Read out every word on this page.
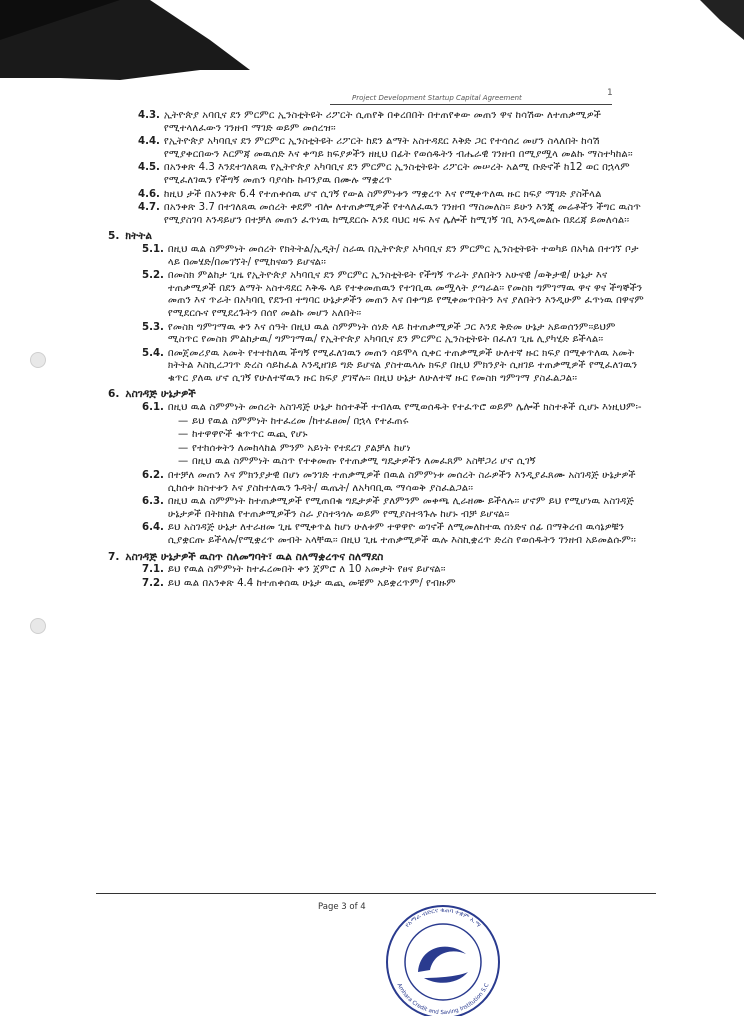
Project Development Startup Capital Agreement	1
4.3. ኢትዮጵያ አባቢና ደን ምርምር ኢንስቲትዩት ሪፖርት ሲጠየቅ በቀረበበት በተጠየቀው መጠን ዋና ከሳሽው ለተጠቃሚዎች የሚተላለፈውን ገንዘብ ማገድ ወይም መሰረዝ፡፡
4.4. የኢትዮጵያ አካባቢና ደን ምርምር ኢንስቲትዩት ሪፖርት ከደን ልማት አስተዳደር እቅድ ጋር የተሳሰረ መሆን ስላለበት ከሳሽ የሚያቀርበውን እርምጃ መዉሰድ እና ቀጣይ ክፍያዎችን ዘዚህ በፊት የወሰዱትን ብሔራዊ ገንዘብ በሚያሟላ መልኩ ማስተካከል፡፡
4.5. በአንቀጽ 4.3 እንደተገለጸዉ የኢትዮጵያ አካባቢና ደን ምርምር ኢንስቲትዩት ሪፖርት መሠረት አልሚ ቡድኖች ከ12 ወር በኋላም የሚፈለገዉን የችግኝ መጠን ባያሳኩ ኩባንያዉ በሙሉ ማቋረጥ
4.6. ከዚህ ታች በአንቀጽ 6.4 የተጠቀሰዉ ሆኖ ሲገኝ የውል ስምምነቱን ማቋረጥ እና የሚቀጥለዉ ዙር ክፍያ ማገድ ያስችላል
4.7. በአንቀጽ 3.7 በተገለጸዉ መሰረት ቀደም ብሎ ለተጠቃሚዎች የተላለፈዉን ገንዘብ ማስመለስ፡፡ ይሁን እንጂ መሬቶችን ችግር ዉስጥ የሚያስገባ እንዳይሆን በተቻለ መጠን ፈጥነዉ ከሚደርሱ እንደ ባህር ዛፍ እና ሌሎች ከሚገኝ ገቢ እንዲመልሱ በደረጃ ይመለሳል፡፡
5. ክትትል
5.1. በዚህ ዉል ስምምነት መሰረት የክትትል/ኢዲት/ ስራዉ በኢትዮጵያ አካባቢና ደን ምርምር ኢንስቲትዩት ተወካይ በአካል በተገኘ ቦታ ላይ በመሄድ/በመገኘት/ የሚከናወን ይሆናል፡፡
5.2. በመስክ ምልከታ ጊዜ የኢትዮጵያ አካባቢና ደን ምርምር ኢንስቲትዩት የችግኝ ጥራት ያለበትን አሁናዊ /ወቅታዊ/ ሁኔታ እና ተጠቃሚዎች በደን ልማት አስተዳደር እቅዱ ላይ የተቀመጠዉን የተገቢዉ መሟላት ያጣራል፡፡ የመስክ ግምገማዉ ዋና ዋና ችግኞችን መጠን እና ጥራት በአካባቢ የደንብ ተግባር ሁኔታዎችን መጠን እና በቀጣይ የሚቀመጥበትን እና ያለበትን እንዲሁም ፈጥነዉ በዋናም የሚደርሱና የሚደረጉትን በሰየ መልኩ መሆን አለበት፡፡
5.3. የመስክ ግምገማዉ ቀን እና ሰዓት በዚህ ዉል ስምምነት ሰነድ ላይ ከተጠቃሚዎች ጋር እንደ ቅድመ ሁኔታ አይወሰንም፡፡ይህም ሚስጥር የመስክ ምልከታዉ/ ግምገማዉ/ የኢትዮጵያ አካባቢና ደን ምርምር ኢንስቲትዩት በፈለገ ጊዜ ሊያካሂድ ይችላል፡፡
5.4. በመጀመሪያዉ አመት የተተከለዉ ችግኝ የሚፈለገዉን መጠን ሳይሞላ ሲቀር ተጠቃሚዎች ሁለተኛ ዙር ክፍያ በሚቀጥለዉ አመት ክትትል እስኪረጋገጥ ድረስ ሳይከፈል እንዲዘገይ ግድ ይሆናል ያስተዉላሉ ክፍያ በዚህ ምክንያት ሲዘገይ ተጠቃሚዎች የሚፈለገዉን ቁጥር ያለዉ ሆኖ ሲገኝ የሁለተኛዉን ዙር ክፍያ ያገኛሉ፡፡ በዚህ ሁኔታ ለሁለተኛ ዙር የመስክ ግምገማ ያስፈልጋል፡፡
6. አስገዳጅ ሁኔታዎች
6.1. በዚህ ዉል ስምምነት መሰረት አስገዳጅ ሁኔታ ከሰተቶች ተብለዉ የሚወሰዱት የተፈጥሮ ወይም ሌሎች ክስተቶች ሲሆኑ እነዚህም፡-
— ይህ የዉል ስምምነት ከተፈረመ /ከተፈፀመ/ በኋላ የተፈጠሩ
— ከተዋዋዮች ቁጥጥር ዉጪ የሆኑ
— የተከሰቱትን ለመከላከል ምንም አይነት የተደረገ ያልቻለ ከሆነ
— በዚህ ዉል ስምምነት ዉስጥ የተቀመጡ የተጠቃሚ ግዴታዎችን ለመፈጸም አስቸጋሪ ሆኖ ሲገኝ
6.2. በተቻለ መጠን እና ምክንያታዊ በሆነ መንገድ ተጠቃሚዎች በዉል ስምምነቱ መሰረት ስራዎችን እንዲያፈጸሙ አስገዳጅ ሁኔታዎች ሲከሰቱ ክስተቱን እና ያስከተለዉን ጉዳት/ ዉጤት/ ለአካባቢዉ ማሳወቅ ያስፈልጋል፡፡
6.3. በዚህ ዉል ስምምነት ከተጠቃሚዎች የሚጠበቁ ግዴታዎች ያለምንም መቀጫ ሊራዘሙ ይችላሉ፡፡ ሆኖም ይህ የሚሆነዉ አስገዳጅ ሁኔታዎች በትክክል የተጠቃሚዎችን ስራ ያስተጓጎሉ ወይም የሚያስተጓጉሉ ከሆኑ ብቻ ይሆናል፡፡
6.4. ይህ አስገዳጅ ሁኔታ ለተራዘመ ጊዜ የሚቀጥል ከሆነ ሁለቱም ተዋዋዮ ወገኖች ለሚመለከተዉ ሰነድና ሰፊ በማቅረብ ዉሳኔዎቹን ሲያቋርጡ ይችላሉ/የሚቋረጥ መብት አላቸዉ፡፡ በዚህ ጊዜ ተጠቃሚዎች ዉሉ እስኪቋረጥ ድረስ የወሰዱትን ገንዘብ አይመልሱም፡፡
7. አስገዳጅ ሁኔታዎች ዉስጥ ስለመግባት፣ ዉል ስለማቋረጥና ስለማደስ
7.1. ይህ የዉል ስምምነት ከተፈረመበት ቀን ጀምሮ ለ 10 አመታት የፀና ይሆናል፡፡
7.2. ይህ ዉል በአንቀጽ 4.4 ከተጠቀሰዉ ሁኔታ ዉጪ መቼም አይቋረጥም/ የብዙም
Page 3 of 4
የአማራ ብድርና ቁጠባ ተቋም አ.ማ
Amhara Credit and Saving Institution S.C
